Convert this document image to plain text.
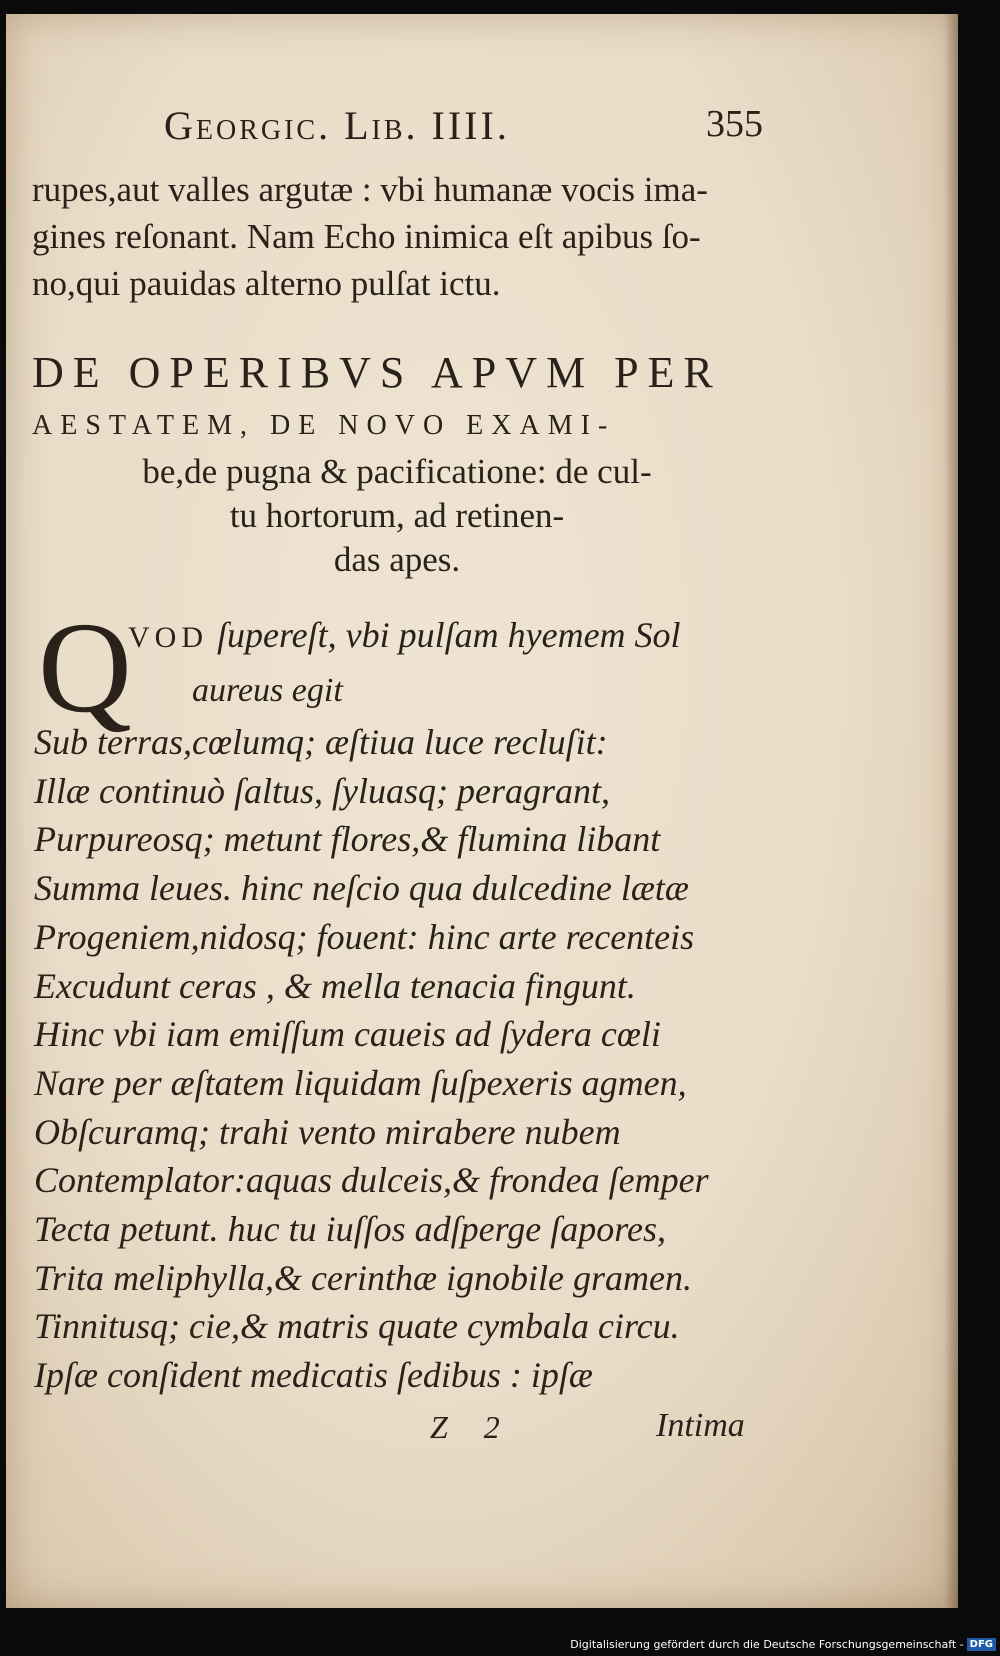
Georgic. Lib. IIII.	355
rupes,aut valles argutæ : vbi humanæ vocis ima-
gines reſonant. Nam Echo inimica eſt apibus ſo-
no,qui pauidas alterno pulſat ictu.
DE OPERIBVS APVM PER
AESTATEM, DE NOVO EXAMI-
be,de pugna & pacificatione: de cul-
tu hortorum, ad retinen-
das apes.
Q
VOD ſupereſt, vbi pulſam hyemem Sol
aureus egit
Sub terras,cœlumq; æſtiua luce recluſit:
Illæ continuò ſaltus, ſyluasq; peragrant,
Purpureosq; metunt flores,& flumina libant
Summa leues. hinc neſcio qua dulcedine lætæ
Progeniem,nidosq; fouent: hinc arte recenteis
Excudunt ceras , & mella tenacia fingunt.
Hinc vbi iam emiſſum caueis ad ſydera cœli
Nare per æſtatem liquidam ſuſpexeris agmen,
Obſcuramq; trahi vento mirabere nubem
Contemplator:aquas dulceis,& frondea ſemper
Tecta petunt. huc tu iuſſos adſperge ſapores,
Trita meliphylla,& cerinthæ ignobile gramen.
Tinnitusq; cie,& matris quate cymbala circu.
Ipſæ conſident medicatis ſedibus : ipſæ
Z 2	Intima
Digitalisierung gefördert durch die Deutsche Forschungsgemeinschaft - DFG
